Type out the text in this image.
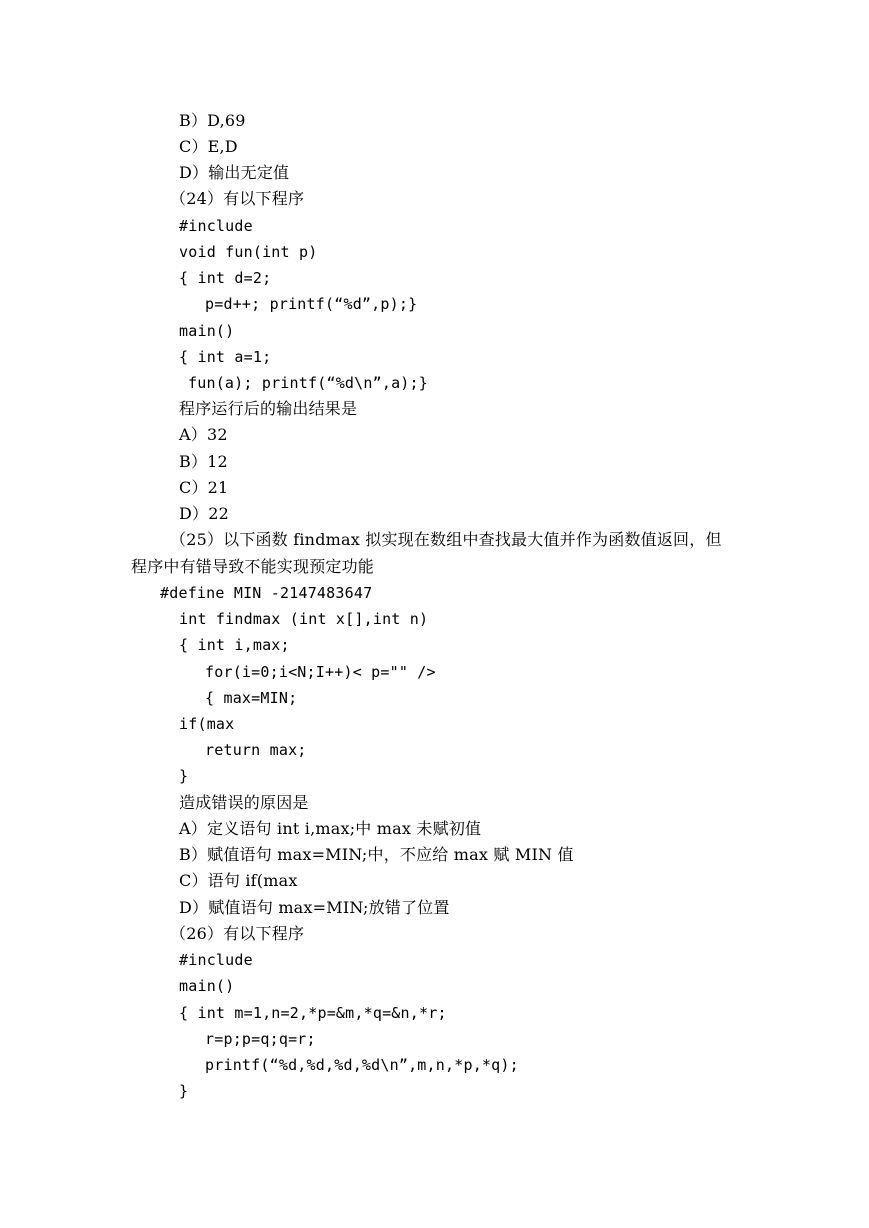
B）D,69
C）E,D
D）输出无定值
（24）有以下程序
#include
void fun(int p)
{ int d=2;
p=d++; printf(“%d”,p);}
main()
{ int a=1;
fun(a); printf(“%d\n”,a);}
程序运行后的输出结果是
A）32
B）12
C）21
D）22
（25）以下函数 findmax 拟实现在数组中查找最大值并作为函数值返回，但
程序中有错导致不能实现预定功能
#define MIN -2147483647
int findmax (int x[],int n)
{ int i,max;
for(i=0;i<N;I++)< p="" />
{ max=MIN;
if(max
return max;
}
造成错误的原因是
A）定义语句 int i,max;中 max 未赋初值
B）赋值语句 max=MIN;中，不应给 max 赋 MIN 值
C）语句 if(max
D）赋值语句 max=MIN;放错了位置
（26）有以下程序
#include
main()
{ int m=1,n=2,*p=&m,*q=&n,*r;
r=p;p=q;q=r;
printf(“%d,%d,%d,%d\n”,m,n,*p,*q);
}
